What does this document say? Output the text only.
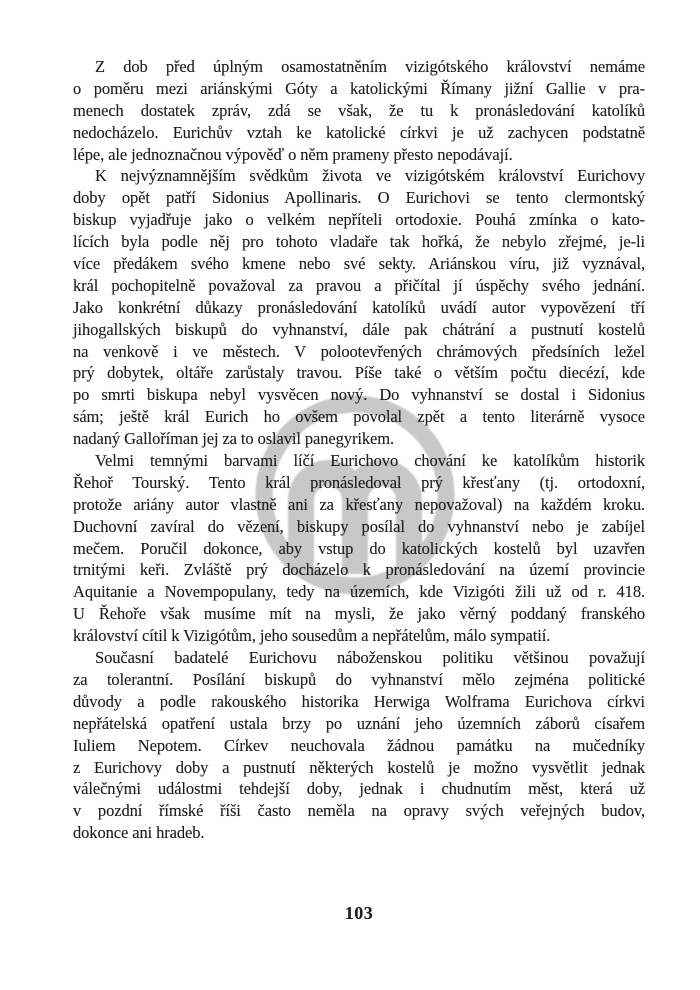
Z dob před úplným osamostatněním vizigótského království nemáme
o poměru mezi ariánskými Góty a katolickými Římany jižní Gallie v pra-
menech dostatek zpráv, zdá se však, že tu k pronásledování katolíků
nedocházelo. Eurichův vztah ke katolické církvi je už zachycen podstatně
lépe, ale jednoznačnou výpověď o něm prameny přesto nepodávají.
K nejvýznamnějším svědkům života ve vizigótském království Eurichovy
doby opět patří Sidonius Apollinaris. O Eurichovi se tento clermontský
biskup vyjadřuje jako o velkém nepříteli ortodoxie. Pouhá zmínka o kato-
lících byla podle něj pro tohoto vladaře tak hořká, že nebylo zřejmé, je-li
více předákem svého kmene nebo své sekty. Ariánskou víru, již vyznával,
král pochopitelně považoval za pravou a přičítal jí úspěchy svého jednání.
Jako konkrétní důkazy pronásledování katolíků uvádí autor vypovězení tří
jihogallských biskupů do vyhnanství, dále pak chátrání a pustnutí kostelů
na venkově i ve městech. V polootevřených chrámových předsíních ležel
prý dobytek, oltáře zarůstaly travou. Píše také o větším počtu diecézí, kde
po smrti biskupa nebyl vysvěcen nový. Do vyhnanství se dostal i Sidonius
sám; ještě král Eurich ho ovšem povolal zpět a tento literárně vysoce
nadaný Galloříman jej za to oslavil panegyrikem.
Velmi temnými barvami líčí Eurichovo chování ke katolíkům historik
Řehoř Tourský. Tento král pronásledoval prý křesťany (tj. ortodoxní,
protože ariány autor vlastně ani za křesťany nepovažoval) na každém kroku.
Duchovní zavíral do vězení, biskupy posílal do vyhnanství nebo je zabíjel
mečem. Poručil dokonce, aby vstup do katolických kostelů byl uzavřen
trnitými keři. Zvláště prý docházelo k pronásledování na území provincie
Aquitanie a Novempopulany, tedy na územích, kde Vizigóti žili už od r. 418.
U Řehoře však musíme mít na mysli, že jako věrný poddaný franského
království cítil k Vizigótům, jeho sousedům a nepřátelům, málo sympatií.
Současní badatelé Eurichovu náboženskou politiku většinou považují
za tolerantní. Posílání biskupů do vyhnanství mělo zejména politické
důvody a podle rakouského historika Herwiga Wolframa Eurichova církvi
nepřátelská opatření ustala brzy po uznání jeho územních záborů císařem
Iuliem Nepotem. Církev neuchovala žádnou památku na mučedníky
z Eurichovy doby a pustnutí některých kostelů je možno vysvětlit jednak
válečnými událostmi tehdejší doby, jednak i chudnutím měst, která už
v pozdní římské říši často neměla na opravy svých veřejných budov,
dokonce ani hradeb.
103
